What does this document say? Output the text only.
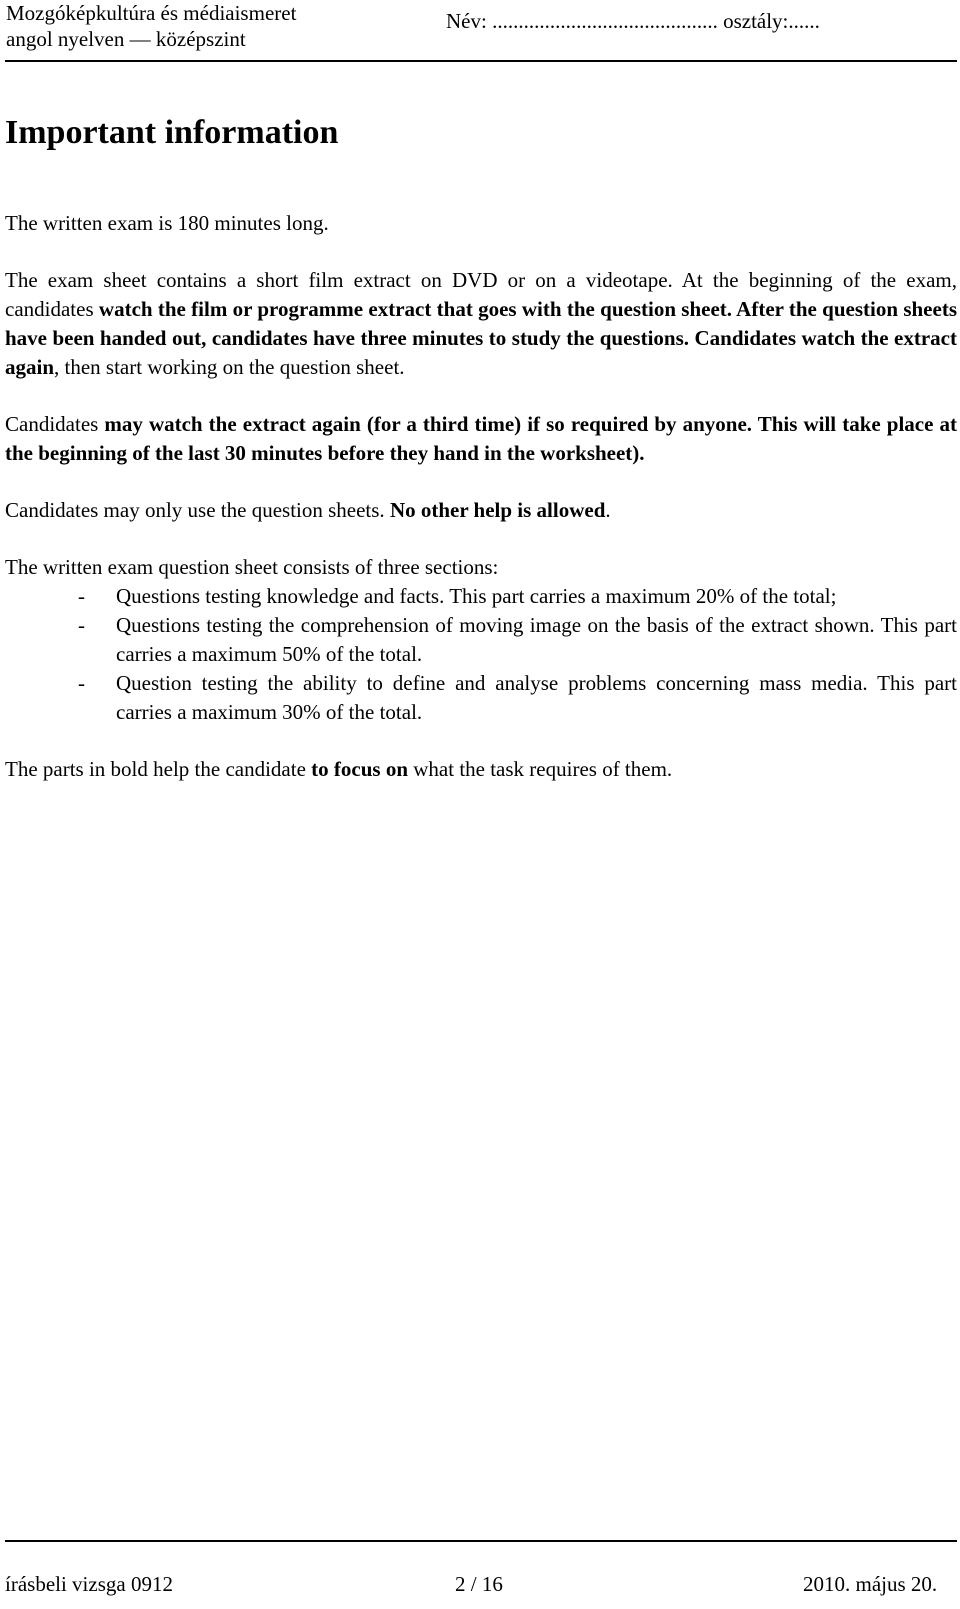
Mozgóképkultúra és médiaismeret
angol nyelven — középszint
Név: ........................................... osztály:......
Important information

The written exam is 180 minutes long.

The exam sheet contains a short film extract on DVD or on a videotape. At the beginning of the exam, candidates watch the film or programme extract that goes with the question sheet. After the question sheets have been handed out, candidates have three minutes to study the questions. Candidates watch the extract again, then start working on the question sheet.

Candidates may watch the extract again (for a third time) if so required by anyone. This will take place at the beginning of the last 30 minutes before they hand in the worksheet).

Candidates may only use the question sheets. No other help is allowed.

The written exam question sheet consists of three sections:

- Questions testing knowledge and facts. This part carries a maximum 20% of the total;
- Questions testing the comprehension of moving image on the basis of the extract shown. This part carries a maximum 50% of the total.
- Question testing the ability to define and analyse problems concerning mass media. This part carries a maximum 30% of the total.

The parts in bold help the candidate to focus on what the task requires of them.

írásbeli vizsga 0912	2 / 16	2010. május 20.
